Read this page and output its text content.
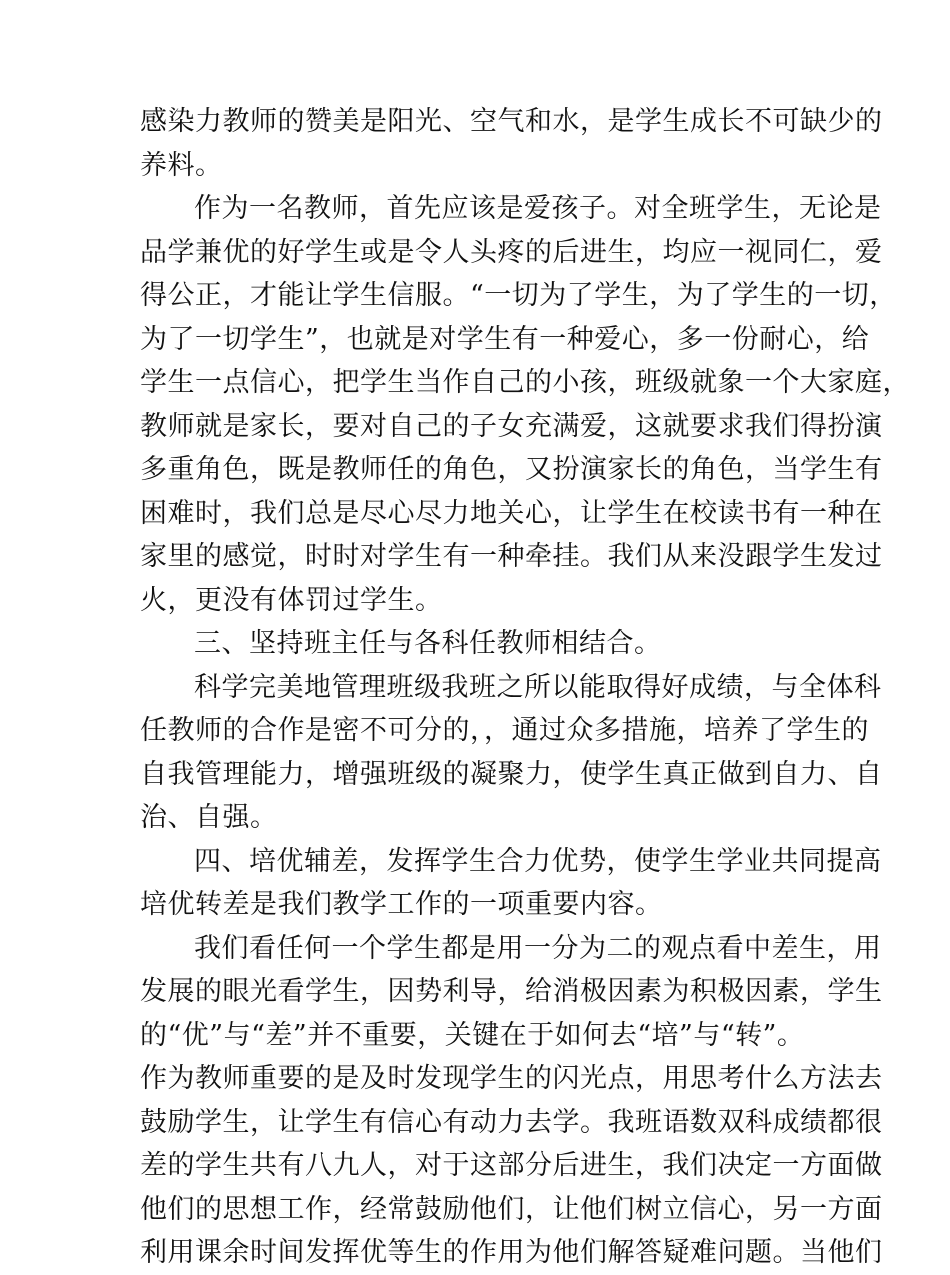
感染力教师的赞美是阳光、空气和水，是学生成长不可缺少的
养料。
作为一名教师，首先应该是爱孩子。对全班学生，无论是
品学兼优的好学生或是令人头疼的后进生，均应一视同仁，爱
得公正，才能让学生信服。“一切为了学生，为了学生的一切，
为了一切学生”，也就是对学生有一种爱心，多一份耐心，给
学生一点信心，把学生当作自己的小孩，班级就象一个大家庭，
教师就是家长，要对自己的子女充满爱，这就要求我们得扮演
多重角色，既是教师任的角色，又扮演家长的角色，当学生有
困难时，我们总是尽心尽力地关心，让学生在校读书有一种在
家里的感觉，时时对学生有一种牵挂。我们从来没跟学生发过
火，更没有体罚过学生。
三、坚持班主任与各科任教师相结合。
科学完美地管理班级我班之所以能取得好成绩，与全体科
任教师的合作是密不可分的，，通过众多措施，培养了学生的
自我管理能力，增强班级的凝聚力，使学生真正做到自力、自
治、自强。
四、培优辅差，发挥学生合力优势，使学生学业共同提高
培优转差是我们教学工作的一项重要内容。
我们看任何一个学生都是用一分为二的观点看中差生，用
发展的眼光看学生，因势利导，给消极因素为积极因素，学生
的“优”与“差”并不重要，关键在于如何去“培”与“转”。
作为教师重要的是及时发现学生的闪光点，用思考什么方法去
鼓励学生，让学生有信心有动力去学。我班语数双科成绩都很
差的学生共有八九人，对于这部分后进生，我们决定一方面做
他们的思想工作，经常鼓励他们，让他们树立信心，另一方面
利用课余时间发挥优等生的作用为他们解答疑难问题。当他们
